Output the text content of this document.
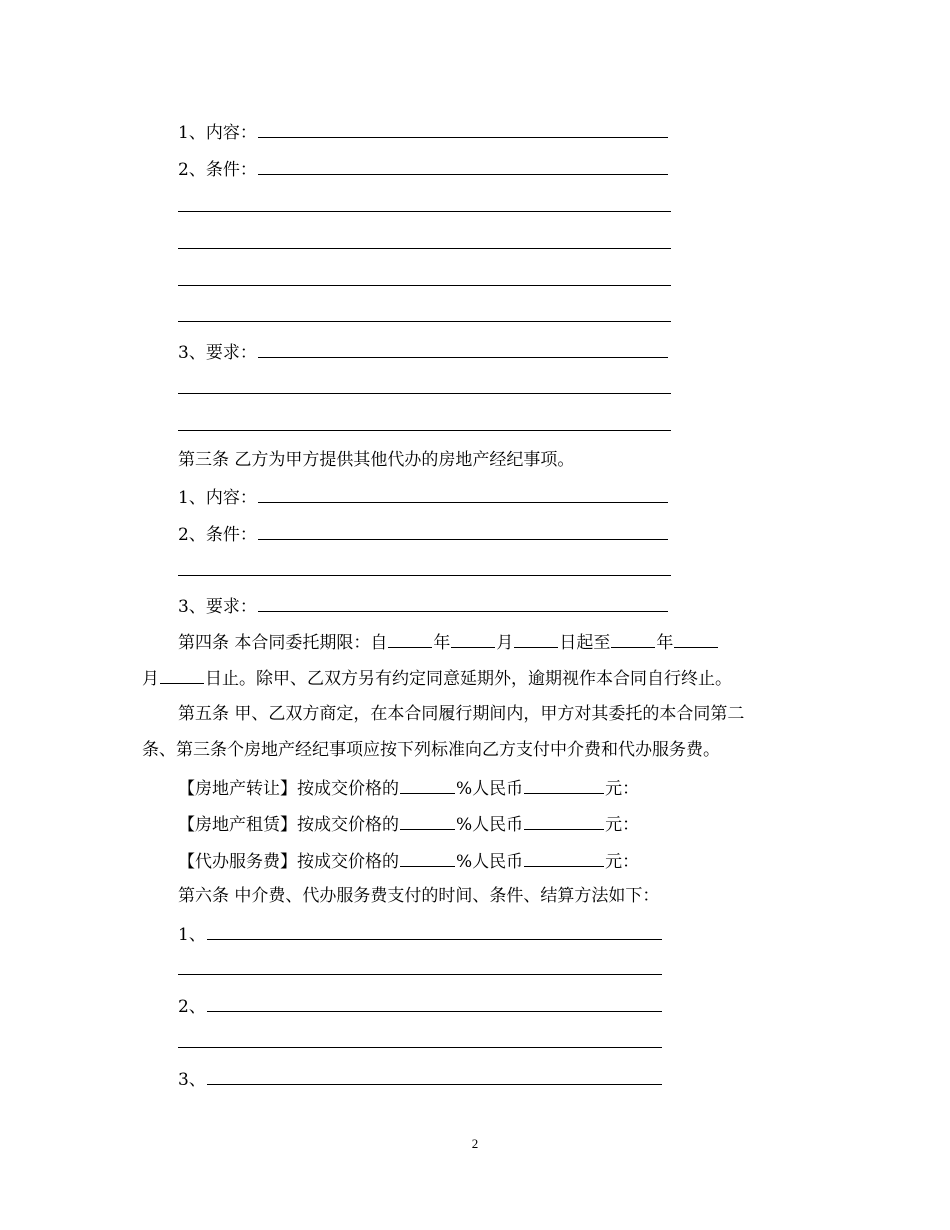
1、内容：
2、条件：
3、要求：
第三条 乙方为甲方提供其他代办的房地产经纪事项。
1、内容：
2、条件：
3、要求：
第四条 本合同委托期限：自	年	月	日起至	年
月	日止。除甲、乙双方另有约定同意延期外，逾期视作本合同自行终止。
第五条 甲、乙双方商定，在本合同履行期间内，甲方对其委托的本合同第二
条、第三条个房地产经纪事项应按下列标准向乙方支付中介费和代办服务费。
【房地产转让】按成交价格的	%人民币	元：
【房地产租赁】按成交价格的	%人民币	元：
【代办服务费】按成交价格的	%人民币	元：
第六条 中介费、代办服务费支付的时间、条件、结算方法如下：
1、
2、
3、
2
